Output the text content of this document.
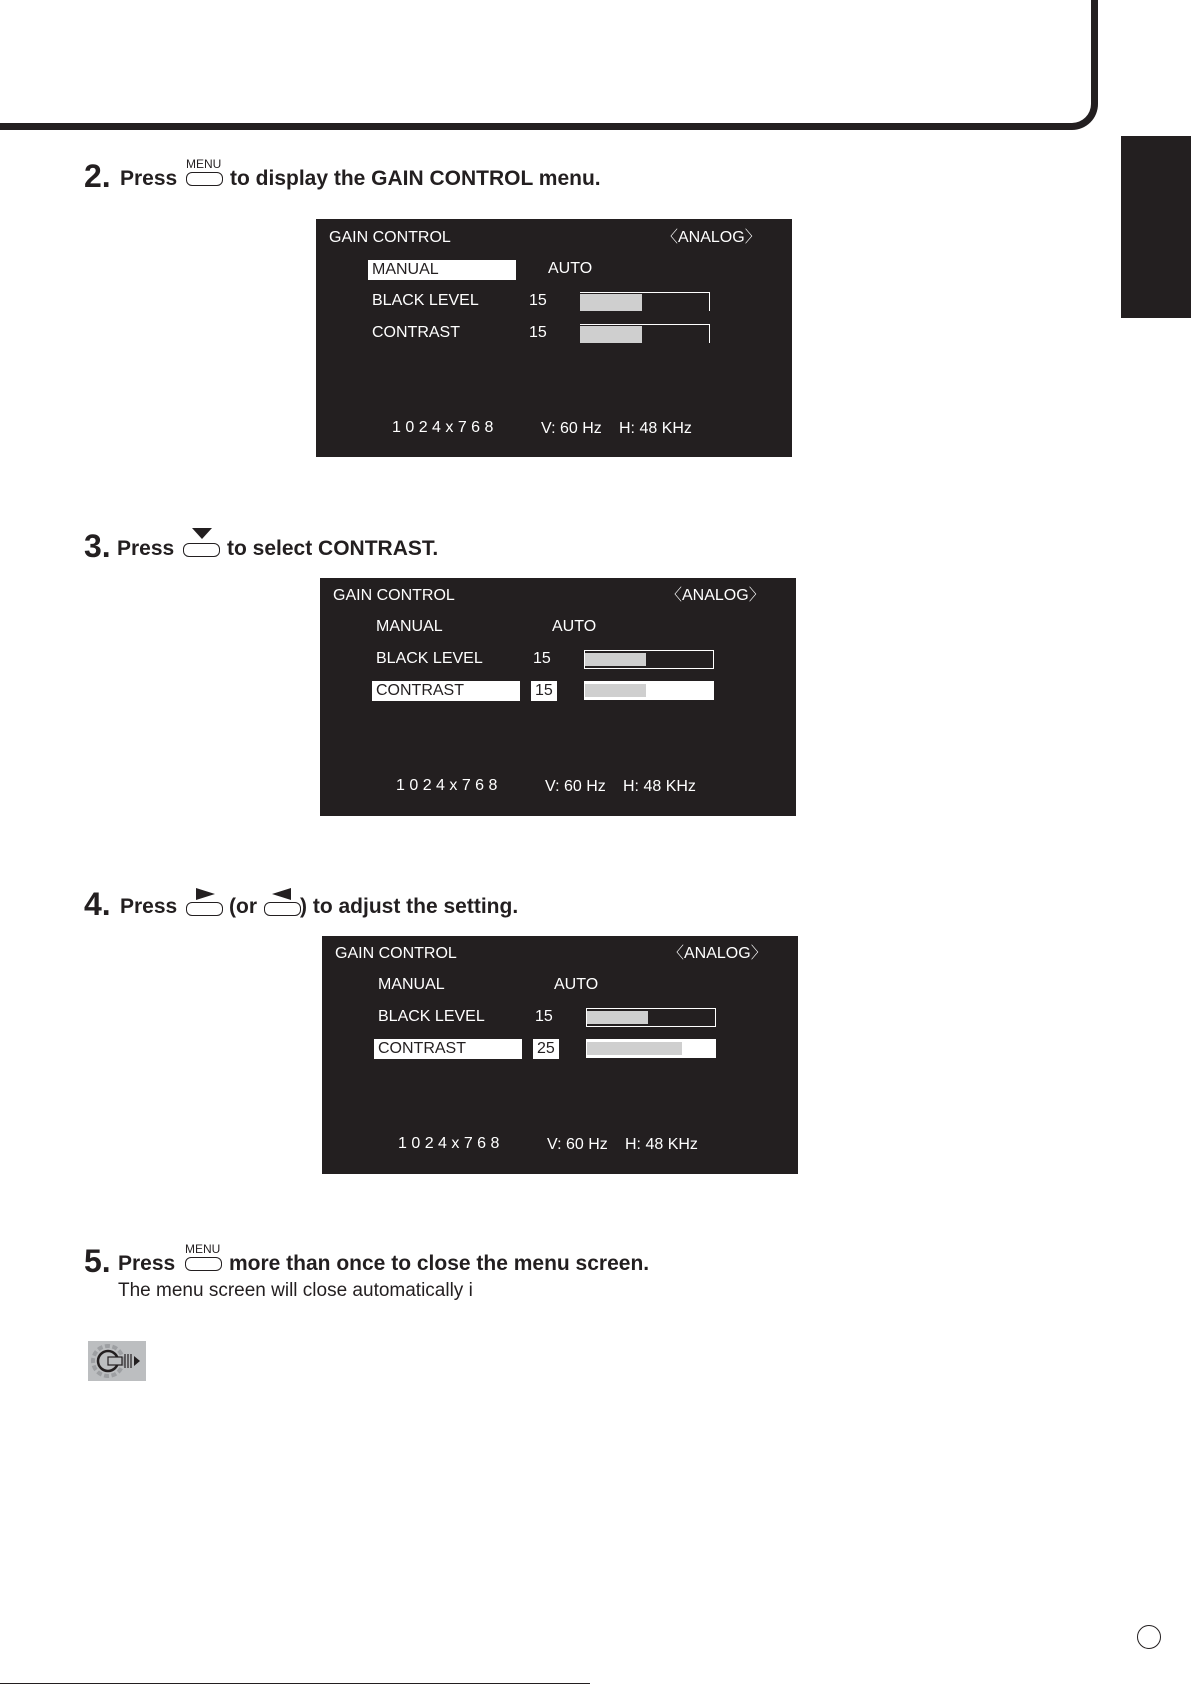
2. Press
MENU
to display the GAIN CONTROL menu.
GAIN CONTROL	〈ANALOG〉
MANUAL	AUTO
BLACK LEVEL	15
CONTRAST	15
1 0 2 4 x 7 6 8	V: 60 Hz H: 48 KHz
3. Press	to select CONTRAST.
GAIN CONTROL	〈ANALOG〉
MANUAL	AUTO
BLACK LEVEL	15
CONTRAST	15
1 0 2 4 x 7 6 8	V: 60 Hz H: 48 KHz
4. Press (or ) to adjust the setting.
GAIN CONTROL	〈ANALOG〉
MANUAL	AUTO
BLACK LEVEL	15
CONTRAST	25
1 0 2 4 x 7 6 8	V: 60 Hz H: 48 KHz
5. Press
MENU
more than once to close the menu screen.
The menu screen will close automatically i
